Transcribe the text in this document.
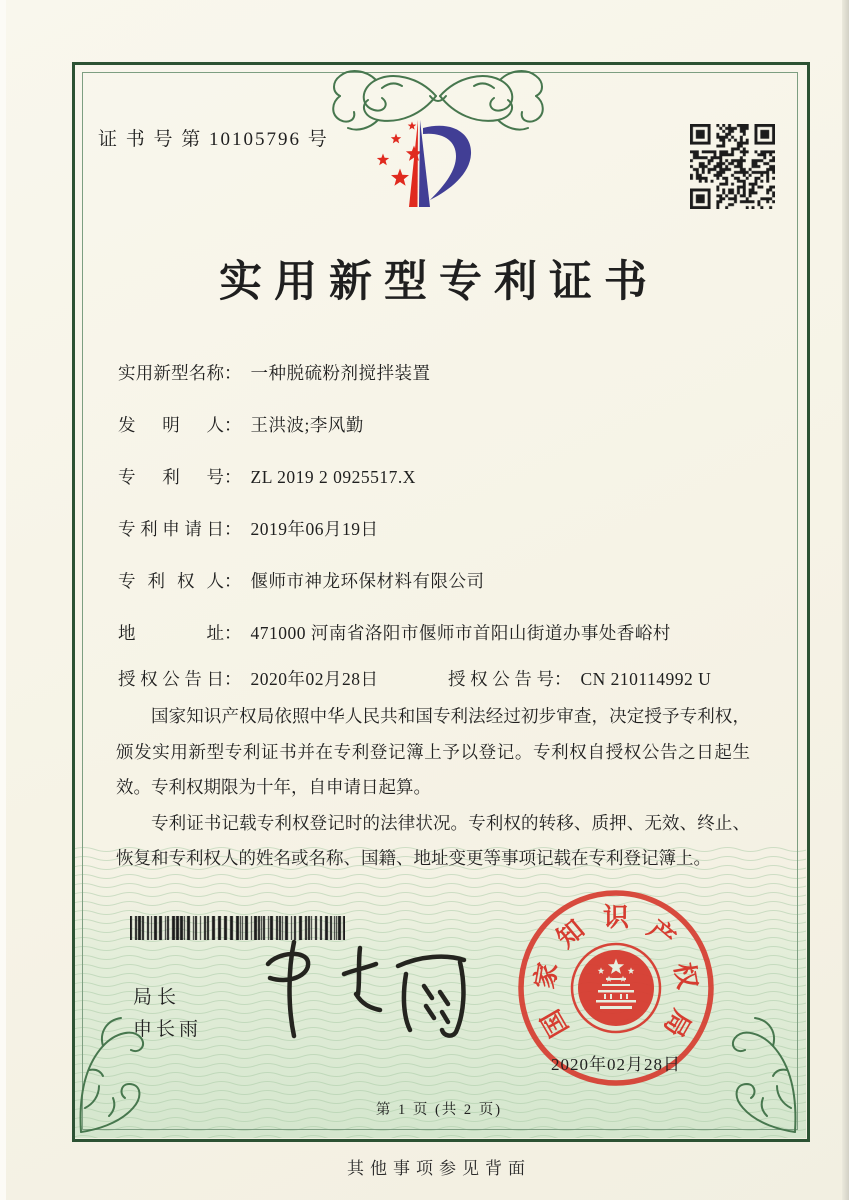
证 书 号 第 10105796 号
实用新型专利证书
实用新型名称： 一种脱硫粉剂搅拌装置
发明人： 王洪波;李风勤
专利号： ZL 2019 2 0925517.X
专利申请日： 2019年06月19日
专利权人： 偃师市神龙环保材料有限公司
地址： 471000 河南省洛阳市偃师市首阳山街道办事处香峪村
授权公告日： 2020年02月28日	授权公告号： CN 210114992 U

国家知识产权局依照中华人民共和国专利法经过初步审查，决定授予专利权，颁发实用新型专利证书并在专利登记簿上予以登记。专利权自授权公告之日起生效。专利权期限为十年，自申请日起算。

专利证书记载专利权登记时的法律状况。专利权的转移、质押、无效、终止、恢复和专利权人的姓名或名称、国籍、地址变更等事项记载在专利登记簿上。

局长
申长雨	国
家
知 识 产
权
局
2020年02月28日
第 1 页 (共 2 页)
其他事项参见背面
